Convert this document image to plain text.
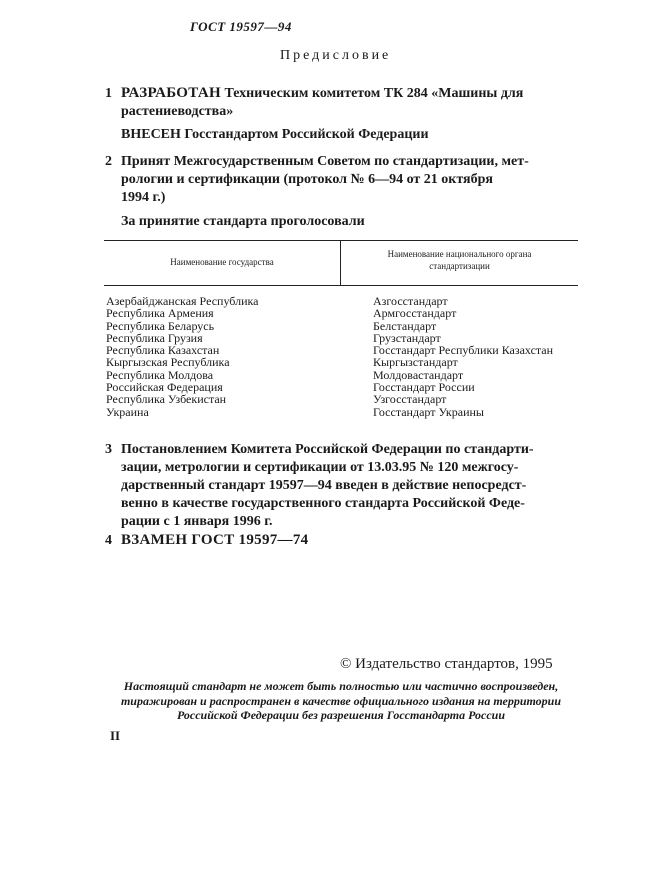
ГОСТ 19597—94
Предисловие
1 РАЗРАБОТАН Техническим комитетом ТК 284 «Машины для
растениеводства»
ВНЕСЕН Госстандартом Российской Федерации
2 Принят Межгосударственным Советом по стандартизации, мет-
рологии и сертификации (протокол № 6—94 от 21 октября
1994 г.)
За принятие стандарта проголосовали
Наименование государства
Наименование национального органа
стандартизации
Азербайджанская Республика
Республика Армения
Республика Беларусь
Республика Грузия
Республика Казахстан
Кыргызская Республика
Республика Молдова
Российская Федерация
Республика Узбекистан
Украина
Азгосстандарт
Армгосстандарт
Белстандарт
Грузстандарт
Госстандарт Республики Казахстан
Кыргызстандарт
Молдовастандарт
Госстандарт России
Узгосстандарт
Госстандарт Украины
3 Постановлением Комитета Российской Федерации по стандарти-
зации, метрологии и сертификации от 13.03.95 № 120 межгосу-
дарственный стандарт 19597—94 введен в действие непосредст-
венно в качестве государственного стандарта Российской Феде-
рации с 1 января 1996 г.
4 ВЗАМЕН ГОСТ 19597—74
© Издательство стандартов, 1995
Настоящий стандарт не может быть полностью или частично воспроизведен,
тиражирован и распространен в качестве официального издания на территории
Российской Федерации без разрешения Госстандарта России
II
